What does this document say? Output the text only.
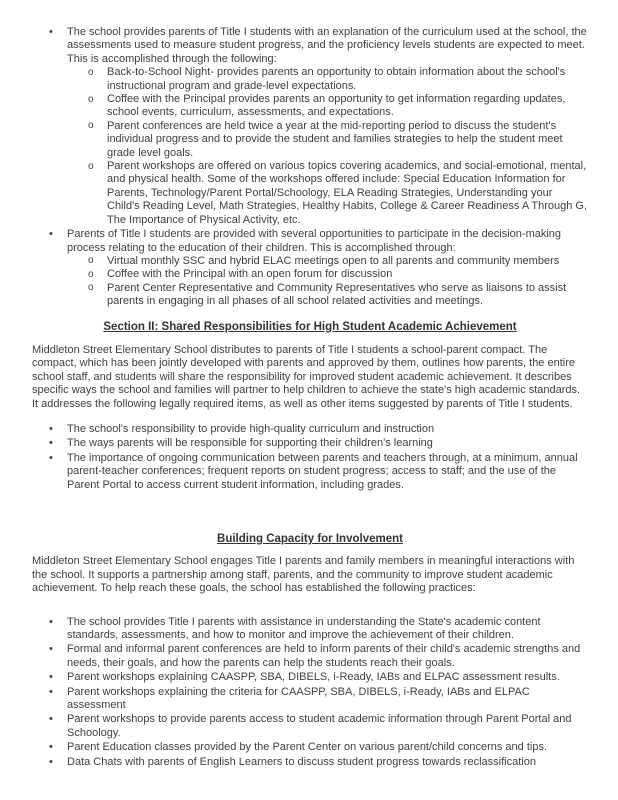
• The school provides parents of Title I students with an explanation of the curriculum used at the school, the assessments used to measure student progress, and the proficiency levels students are expected to meet. This is accomplished through the following:
o Back-to-School Night- provides parents an opportunity to obtain information about the school's instructional program and grade-level expectations.
o Coffee with the Principal provides parents an opportunity to get information regarding updates, school events, curriculum, assessments, and expectations.
o Parent conferences are held twice a year at the mid-reporting period to discuss the student's individual progress and to provide the student and families strategies to help the student meet grade level goals.
o Parent workshops are offered on various topics covering academics, and social-emotional, mental, and physical health. Some of the workshops offered include: Special Education Information for Parents, Technology/Parent Portal/Schoology, ELA Reading Strategies, Understanding your Child's Reading Level, Math Strategies, Healthy Habits, College & Career Readiness A Through G, The Importance of Physical Activity, etc.
• Parents of Title I students are provided with several opportunities to participate in the decision-making process relating to the education of their children. This is accomplished through:
o Virtual monthly SSC and hybrid ELAC meetings open to all parents and community members
o Coffee with the Principal with an open forum for discussion
o Parent Center Representative and Community Representatives who serve as liaisons to assist parents in engaging in all phases of all school related activities and meetings.
Section II: Shared Responsibilities for High Student Academic Achievement

Middleton Street Elementary School distributes to parents of Title I students a school-parent compact. The compact, which has been jointly developed with parents and approved by them, outlines how parents, the entire school staff, and students will share the responsibility for improved student academic achievement. It describes specific ways the school and families will partner to help children to achieve the state's high academic standards. It addresses the following legally required items, as well as other items suggested by parents of Title I students.

• The school's responsibility to provide high-quality curriculum and instruction
• The ways parents will be responsible for supporting their children's learning
• The importance of ongoing communication between parents and teachers through, at a minimum, annual parent-teacher conferences; frequent reports on student progress; access to staff; and the use of the Parent Portal to access current student information, including grades.
Building Capacity for Involvement

Middleton Street Elementary School engages Title I parents and family members in meaningful interactions with the school. It supports a partnership among staff, parents, and the community to improve student academic achievement. To help reach these goals, the school has established the following practices:

• The school provides Title I parents with assistance in understanding the State's academic content standards, assessments, and how to monitor and improve the achievement of their children.
• Formal and informal parent conferences are held to inform parents of their child's academic strengths and needs, their goals, and how the parents can help the students reach their goals.
• Parent workshops explaining CAASPP, SBA, DIBELS, i-Ready, IABs and ELPAC assessment results.
• Parent workshops explaining the criteria for CAASPP, SBA, DIBELS, i-Ready, IABs and ELPAC assessment
• Parent workshops to provide parents access to student academic information through Parent Portal and Schoology.
• Parent Education classes provided by the Parent Center on various parent/child concerns and tips.
• Data Chats with parents of English Learners to discuss student progress towards reclassification
